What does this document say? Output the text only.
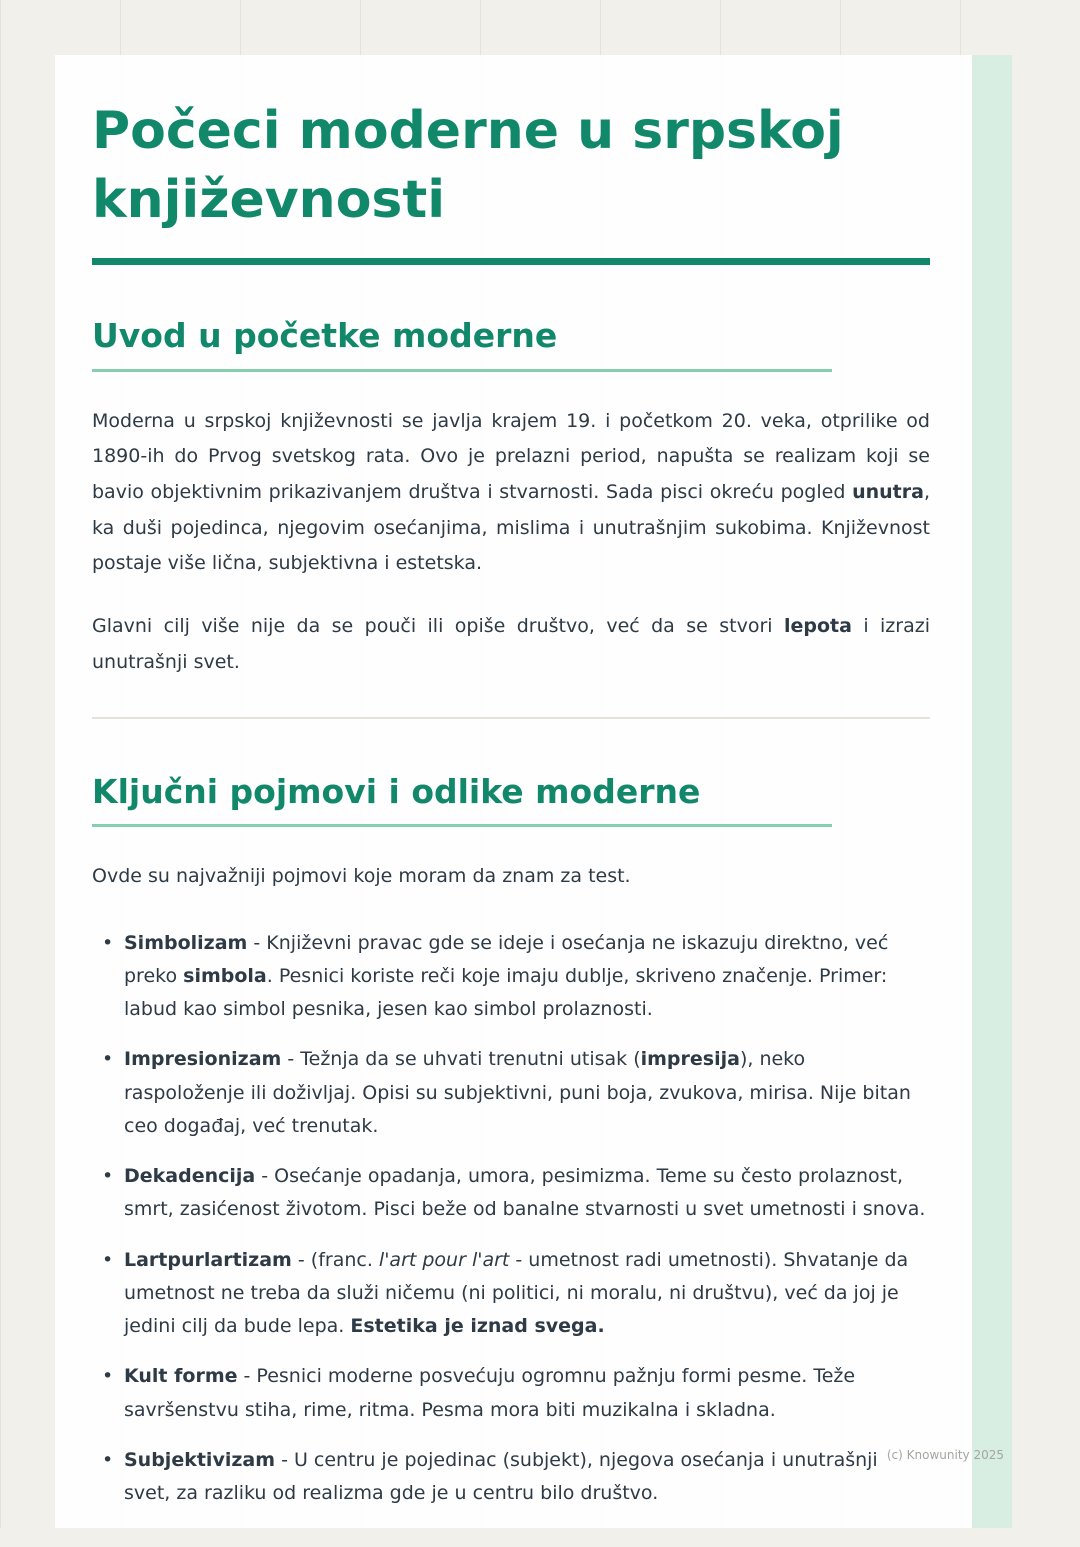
Počeci moderne u srpskoj književnosti
Uvod u početke moderne

Moderna u srpskoj književnosti se javlja krajem 19. i početkom 20. veka, otprilike od 1890-ih do Prvog svetskog rata. Ovo je prelazni period, napušta se realizam koji se bavio objektivnim prikazivanjem društva i stvarnosti. Sada pisci okreću pogled unutra, ka duši pojedinca, njegovim osećanjima, mislima i unutrašnjim sukobima. Književnost postaje više lična, subjektivna i estetska.

Glavni cilj više nije da se pouči ili opiše društvo, već da se stvori lepota i izrazi unutrašnji svet.

Ključni pojmovi i odlike moderne

Ovde su najvažniji pojmovi koje moram da znam za test.

• Simbolizam - Književni pravac gde se ideje i osećanja ne iskazuju direktno, već preko simbola. Pesnici koriste reči koje imaju dublje, skriveno značenje. Primer: labud kao simbol pesnika, jesen kao simbol prolaznosti.
• Impresionizam - Težnja da se uhvati trenutni utisak (impresija), neko raspoloženje ili doživljaj. Opisi su subjektivni, puni boja, zvukova, mirisa. Nije bitan ceo događaj, već trenutak.
• Dekadencija - Osećanje opadanja, umora, pesimizma. Teme su često prolaznost, smrt, zasićenost životom. Pisci beže od banalne stvarnosti u svet umetnosti i snova.
• Lartpurlartizam - (franc. l'art pour l'art - umetnost radi umetnosti). Shvatanje da umetnost ne treba da služi ničemu (ni politici, ni moralu, ni društvu), već da joj je jedini cilj da bude lepa. Estetika je iznad svega.
• Kult forme - Pesnici moderne posvećuju ogromnu pažnju formi pesme. Teže savršenstvu stiha, rime, ritma. Pesma mora biti muzikalna i skladna.
• Subjektivizam - U centru je pojedinac (subjekt), njegova osećanja i unutrašnji svet, za razliku od realizma gde je u centru bilo društvo.
(c) Knowunity 2025
